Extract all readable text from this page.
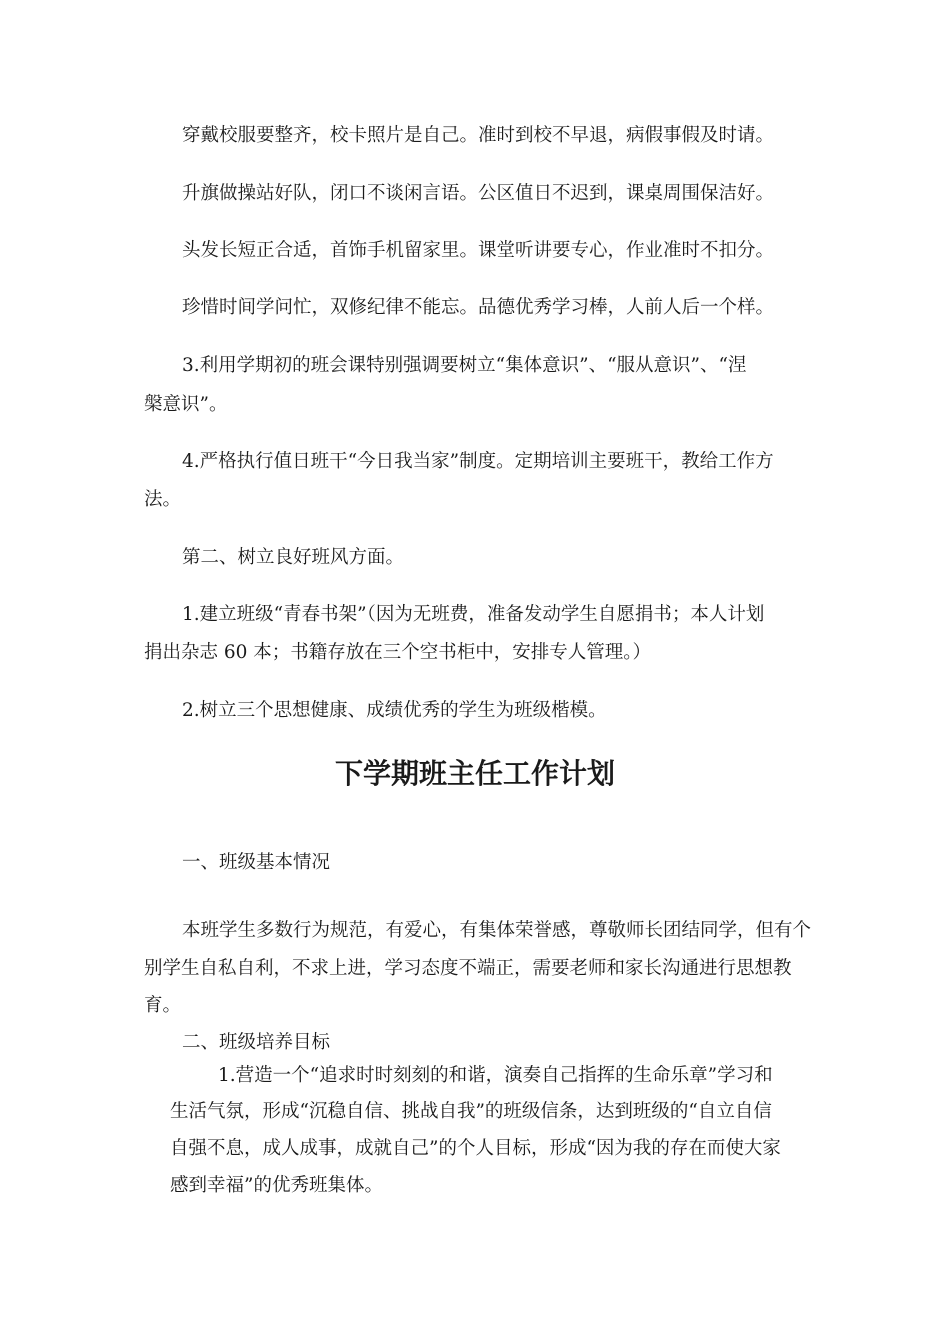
穿戴校服要整齐，校卡照片是自己。准时到校不早退，病假事假及时请。

升旗做操站好队，闭口不谈闲言语。公区值日不迟到，课桌周围保洁好。

头发长短正合适，首饰手机留家里。课堂听讲要专心，作业准时不扣分。

珍惜时间学问忙，双修纪律不能忘。品德优秀学习棒，人前人后一个样。

3.利用学期初的班会课特别强调要树立“集体意识”、“服从意识”、“涅

槃意识”。

4.严格执行值日班干“今日我当家”制度。定期培训主要班干，教给工作方

法。

第二、树立良好班风方面。

1.建立班级“青春书架”（因为无班费，准备发动学生自愿捐书；本人计划

捐出杂志 60 本；书籍存放在三个空书柜中，安排专人管理。）

2.树立三个思想健康、成绩优秀的学生为班级楷模。

下学期班主任工作计划

一、班级基本情况

本班学生多数行为规范，有爱心，有集体荣誉感，尊敬师长团结同学，但有个

别学生自私自利，不求上进，学习态度不端正，需要老师和家长沟通进行思想教

育。

二、班级培养目标

1.营造一个“追求时时刻刻的和谐，演奏自己指挥的生命乐章”学习和

生活气氛，形成“沉稳自信、挑战自我”的班级信条，达到班级的“自立自信

自强不息，成人成事，成就自己”的个人目标，形成“因为我的存在而使大家

感到幸福”的优秀班集体。
